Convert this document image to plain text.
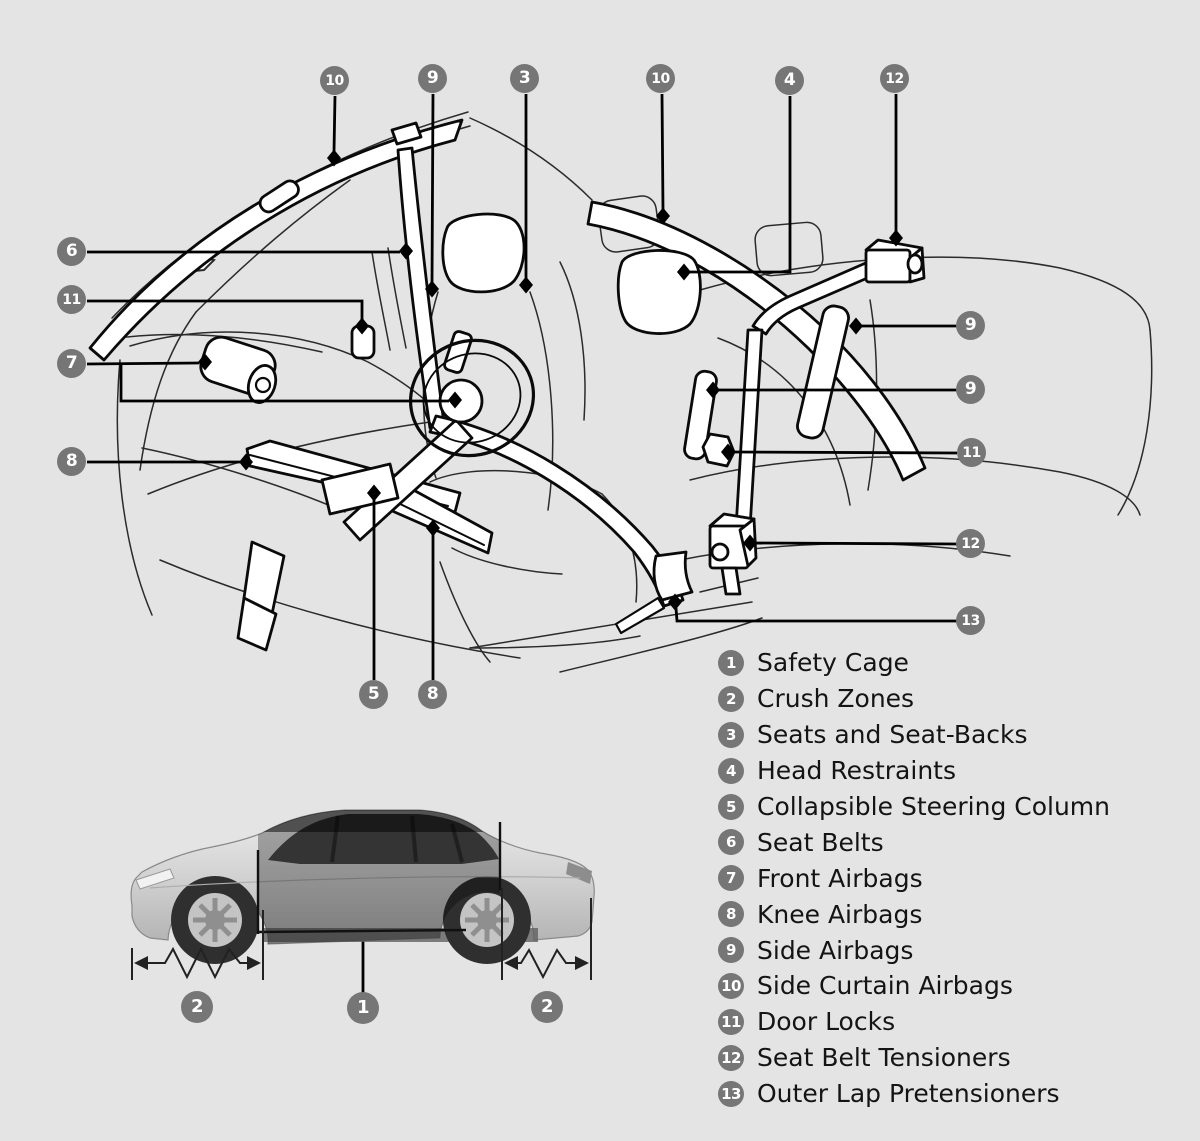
10	9	3	10	4	12
6
11
7
8
5	8
9
9
11
12
13
2	1	2
1 Safety Cage
2 Crush Zones
3 Seats and Seat-Backs
4 Head Restraints
5 Collapsible Steering Column
6 Seat Belts
7 Front Airbags
8 Knee Airbags
9 Side Airbags
10 Side Curtain Airbags
11 Door Locks
12 Seat Belt Tensioners
13 Outer Lap Pretensioners
